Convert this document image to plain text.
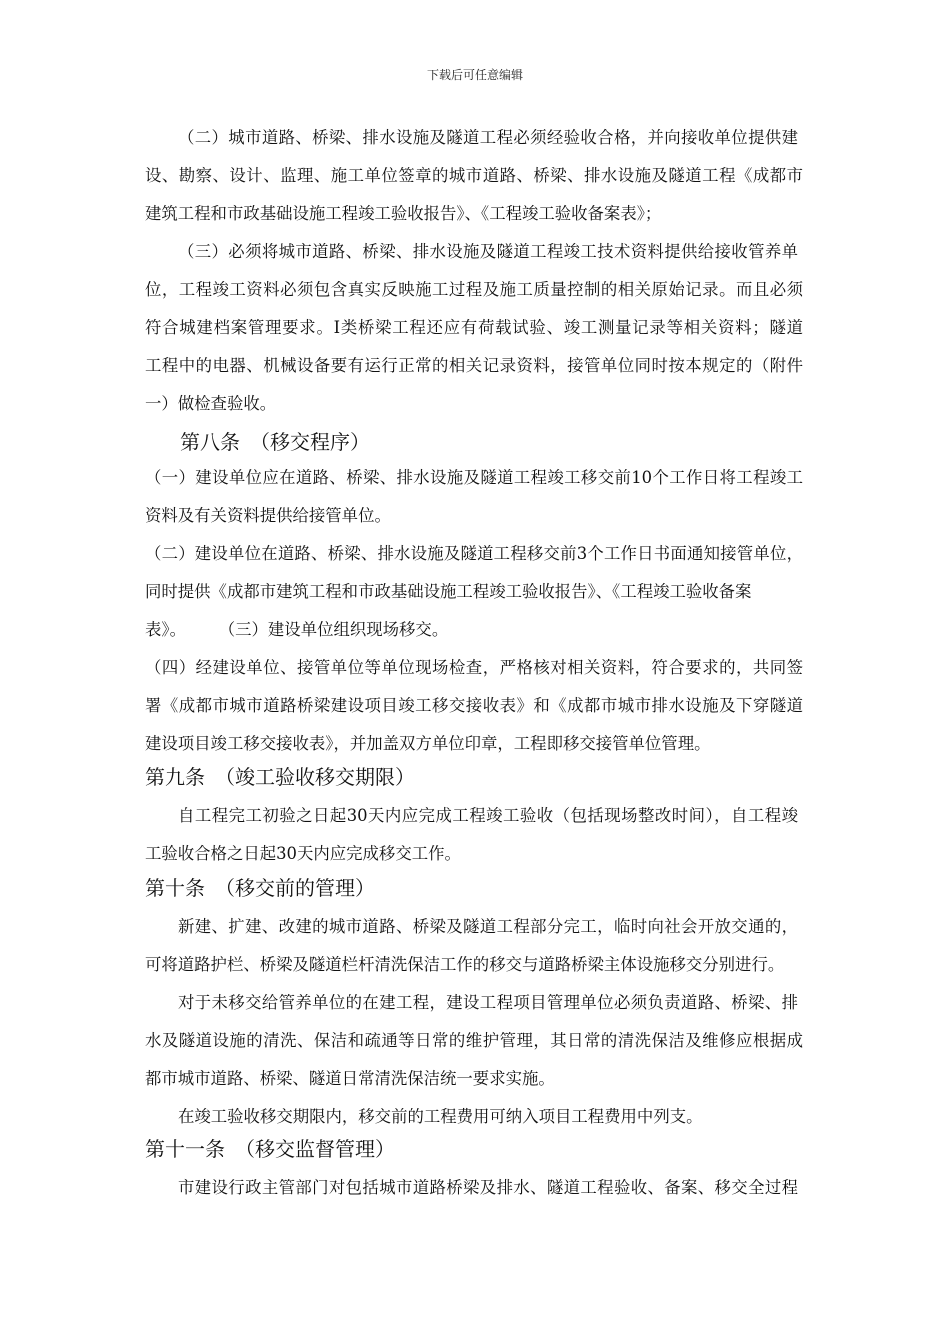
下载后可任意编辑
（二）城市道路、桥梁、排水设施及隧道工程必须经验收合格，并向接收单位提供建
设、勘察、设计、监理、施工单位签章的城市道路、桥梁、排水设施及隧道工程《成都市
建筑工程和市政基础设施工程竣工验收报告》、《工程竣工验收备案表》；
（三）必须将城市道路、桥梁、排水设施及隧道工程竣工技术资料提供给接收管养单
位，工程竣工资料必须包含真实反映施工过程及施工质量控制的相关原始记录。而且必须
符合城建档案管理要求。Ⅰ类桥梁工程还应有荷载试验、竣工测量记录等相关资料；隧道
工程中的电器、机械设备要有运行正常的相关记录资料，接管单位同时按本规定的（附件
一）做检查验收。
第八条　（移交程序）
（一）建设单位应在道路、桥梁、排水设施及隧道工程竣工移交前10个工作日将工程竣工
资料及有关资料提供给接管单位。
（二）建设单位在道路、桥梁、排水设施及隧道工程移交前3个工作日书面通知接管单位，
同时提供《成都市建筑工程和市政基础设施工程竣工验收报告》、《工程竣工验收备案
表》。　　　（三）建设单位组织现场移交。
（四）经建设单位、接管单位等单位现场检查，严格核对相关资料，符合要求的，共同签
署《成都市城市道路桥梁建设项目竣工移交接收表》和《成都市城市排水设施及下穿隧道
建设项目竣工移交接收表》，并加盖双方单位印章，工程即移交接管单位管理。
第九条　（竣工验收移交期限）
自工程完工初验之日起30天内应完成工程竣工验收（包括现场整改时间），自工程竣
工验收合格之日起30天内应完成移交工作。
第十条　（移交前的管理）
新建、扩建、改建的城市道路、桥梁及隧道工程部分完工，临时向社会开放交通的，
可将道路护栏、桥梁及隧道栏杆清洗保洁工作的移交与道路桥梁主体设施移交分别进行。
对于未移交给管养单位的在建工程，建设工程项目管理单位必须负责道路、桥梁、排
水及隧道设施的清洗、保洁和疏通等日常的维护管理，其日常的清洗保洁及维修应根据成
都市城市道路、桥梁、隧道日常清洗保洁统一要求实施。
在竣工验收移交期限内，移交前的工程费用可纳入项目工程费用中列支。
第十一条　（移交监督管理）
市建设行政主管部门对包括城市道路桥梁及排水、隧道工程验收、备案、移交全过程
